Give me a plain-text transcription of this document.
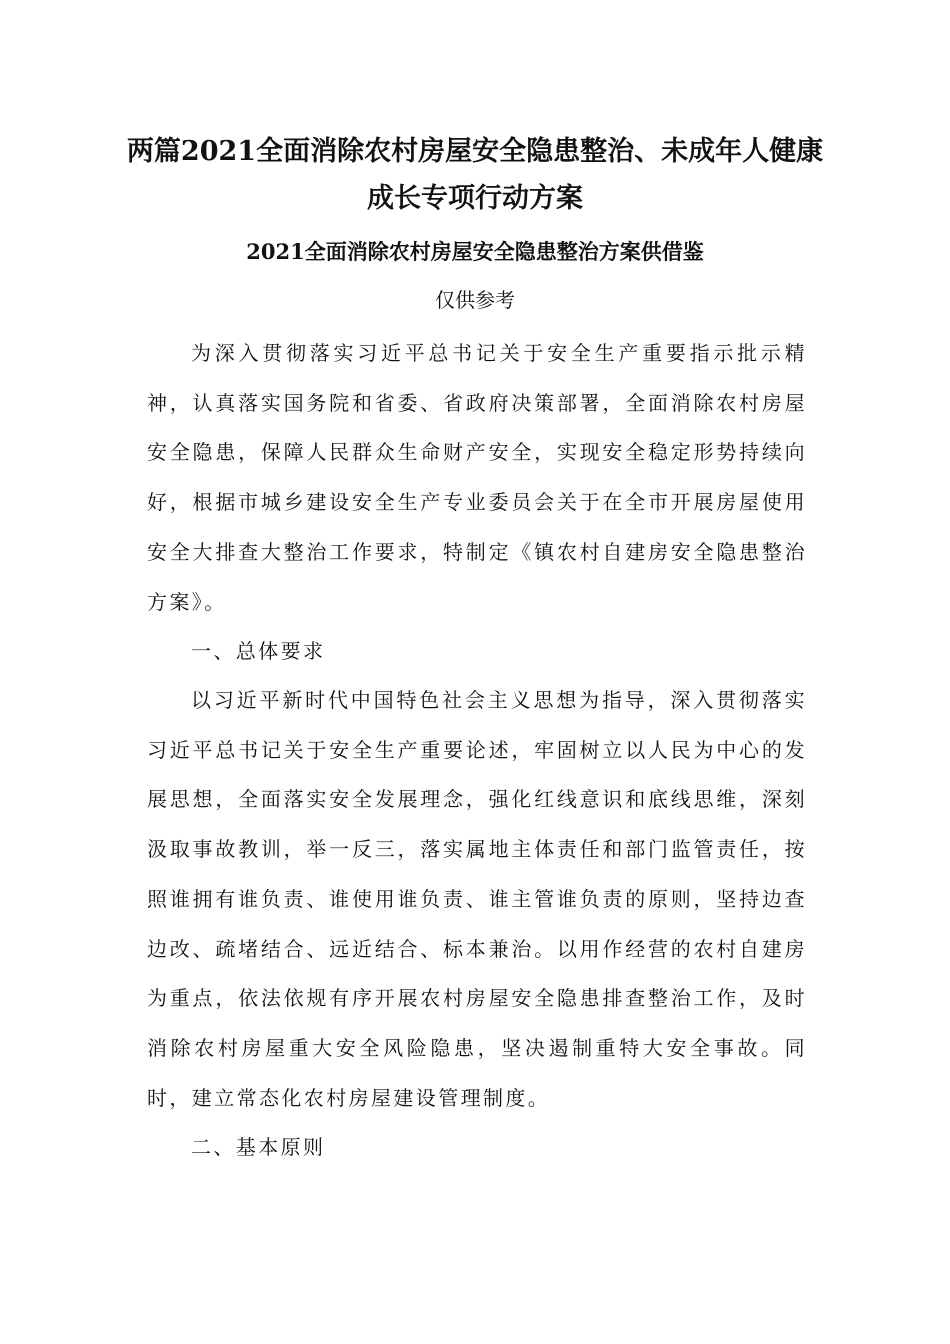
两篇2021全面消除农村房屋安全隐患整治、未成年人健康
成长专项行动方案
2021全面消除农村房屋安全隐患整治方案供借鉴

仅供参考

为深入贯彻落实习近平总书记关于安全生产重要指示批示精神，认真落实国务院和省委、省政府决策部署，全面消除农村房屋安全隐患，保障人民群众生命财产安全，实现安全稳定形势持续向好，根据市城乡建设安全生产专业委员会关于在全市开展房屋使用安全大排查大整治工作要求，特制定《镇农村自建房安全隐患整治方案》。

一、总体要求

以习近平新时代中国特色社会主义思想为指导，深入贯彻落实习近平总书记关于安全生产重要论述，牢固树立以人民为中心的发展思想，全面落实安全发展理念，强化红线意识和底线思维，深刻汲取事故教训，举一反三，落实属地主体责任和部门监管责任，按照谁拥有谁负责、谁使用谁负责、谁主管谁负责的原则，坚持边查边改、疏堵结合、远近结合、标本兼治。以用作经营的农村自建房为重点，依法依规有序开展农村房屋安全隐患排查整治工作，及时消除农村房屋重大安全风险隐患，坚决遏制重特大安全事故。同时，建立常态化农村房屋建设管理制度。

二、基本原则
